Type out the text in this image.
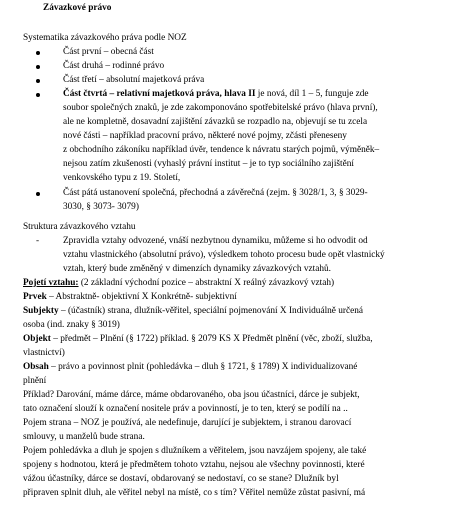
Závazkové právo
Systematika závazkového práva podle NOZ
Část první – obecná část
Část druhá – rodinné právo
Část třetí – absolutní majetková práva
Část čtvrtá – relativní majetková práva, hlava II je nová, díl 1 – 5, funguje zde
soubor společných znaků, je zde zakomponováno spotřebitelské právo (hlava první),
ale ne kompletně, dosavadní zajištění závazků se rozpadlo na, objevují se tu zcela
nové části – například pracovní právo, některé nové pojmy, zčásti přeneseny
z obchodního zákoníku například úvěr, tendence k návratu starých pojmů, výměněk–
nejsou zatím zkušenosti (vyhaslý právní institut – je to typ sociálního zajištění
venkovského typu z 19. Století,
Část pátá ustanovení společná, přechodná a závěrečná (zejm. § 3028/1, 3, § 3029-
3030, § 3073- 3079)
Struktura závazkového vztahu
-	Zpravidla vztahy odvozené, vnáší nezbytnou dynamiku, můžeme si ho odvodit od
vztahu vlastnického (absolutní právo), výsledkem tohoto procesu bude opět vlastnický
vztah, který bude změněný v dimenzích dynamiky závazkových vztahů.
Pojetí vztahu: (2 základní východní pozice – abstraktní X reálný závazkový vztah)
Prvek – Abstraktně- objektivní X Konkrétně- subjektivní
Subjekty – (účastník) strana, dlužník-věřitel, speciální pojmenování X Individuálně určená
osoba (ind. znaky § 3019)
Objekt – předmět – Plnění (§ 1722) příklad. § 2079 KS X Předmět plnění (věc, zboží, služba,
vlastnictví)
Obsah – právo a povinnost plnit (pohledávka – dluh § 1721, § 1789) X individualizované
plnění
Příklad? Darování, máme dárce, máme obdarovaného, oba jsou účastníci, dárce je subjekt,
tato označení slouží k označení nositele práv a povinností, je to ten, který se podílí na ..
Pojem strana – NOZ je používá, ale nedefinuje, darující je subjektem, i stranou darovací
smlouvy, u manželů bude strana.
Pojem pohledávka a dluh je spojen s dlužníkem a věřitelem, jsou navzájem spojeny, ale také
spojeny s hodnotou, která je předmětem tohoto vztahu, nejsou ale všechny povinnosti, které
vážou účastníky, dárce se dostaví, obdarovaný se nedostaví, co se stane? Dlužník byl
připraven splnit dluh, ale věřitel nebyl na místě, co s tím? Věřitel nemůže zůstat pasivní, má
